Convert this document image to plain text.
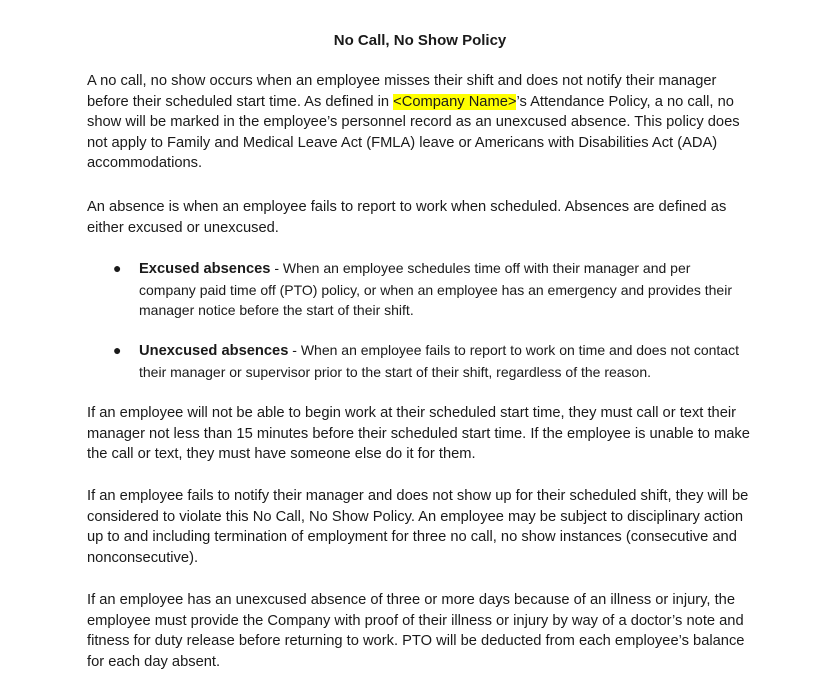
No Call, No Show Policy

A no call, no show occurs when an employee misses their shift and does not notify their manager before their scheduled start time. As defined in <Company Name>’s Attendance Policy, a no call, no show will be marked in the employee’s personnel record as an unexcused absence. This policy does not apply to Family and Medical Leave Act (FMLA) leave or Americans with Disabilities Act (ADA) accommodations.

An absence is when an employee fails to report to work when scheduled. Absences are defined as either excused or unexcused.

● Excused absences - When an employee schedules time off with their manager and per company paid time off (PTO) policy, or when an employee has an emergency and provides their manager notice before the start of their shift.
● Unexcused absences - When an employee fails to report to work on time and does not contact their manager or supervisor prior to the start of their shift, regardless of the reason.

If an employee will not be able to begin work at their scheduled start time, they must call or text their manager not less than 15 minutes before their scheduled start time. If the employee is unable to make the call or text, they must have someone else do it for them.

If an employee fails to notify their manager and does not show up for their scheduled shift, they will be considered to violate this No Call, No Show Policy. An employee may be subject to disciplinary action up to and including termination of employment for three no call, no show instances (consecutive and nonconsecutive).

If an employee has an unexcused absence of three or more days because of an illness or injury, the employee must provide the Company with proof of their illness or injury by way of a doctor’s note and fitness for duty release before returning to work. PTO will be deducted from each employee’s balance for each day absent.
